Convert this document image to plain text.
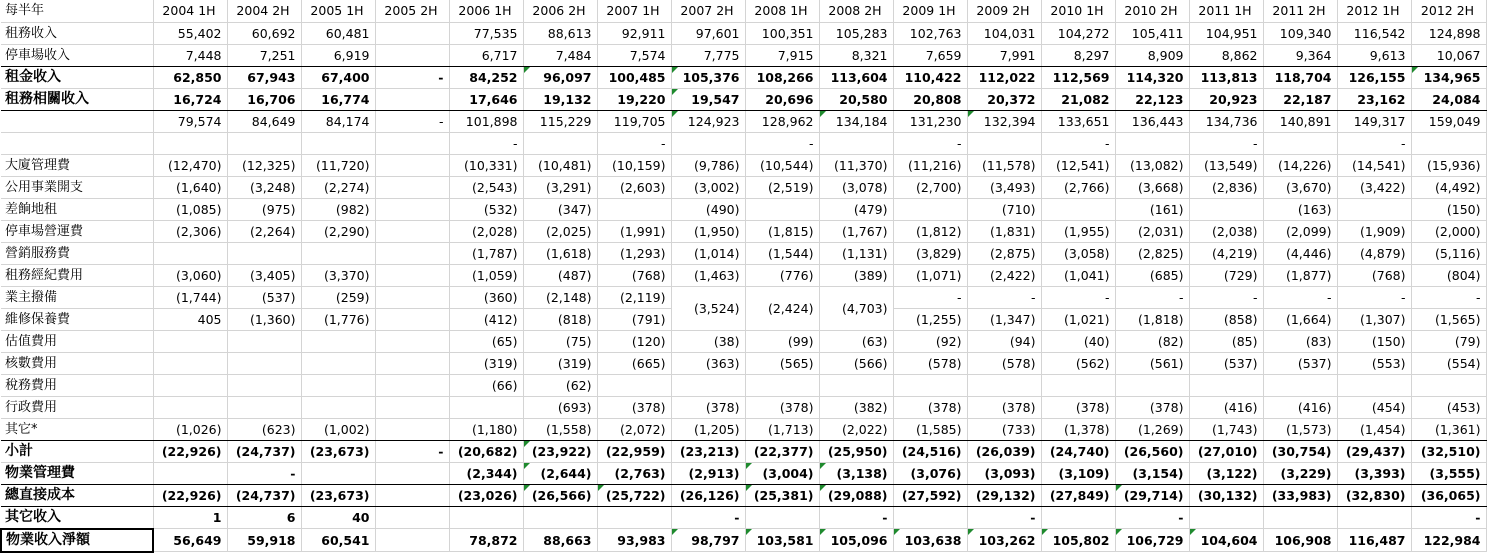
每半年	2004 1H	2004 2H	2005 1H	2005 2H	2006 1H	2006 2H	2007 1H	2007 2H	2008 1H	2008 2H	2009 1H	2009 2H	2010 1H	2010 2H	2011 1H	2011 2H	2012 1H	2012 2H
租務收入	55,402	60,692	60,481		77,535	88,613	92,911	97,601	100,351	105,283	102,763	104,031	104,272	105,411	104,951	109,340	116,542	124,898
停車場收入	7,448	7,251	6,919		6,717	7,484	7,574	7,775	7,915	8,321	7,659	7,991	8,297	8,909	8,862	9,364	9,613	10,067
租金收入	62,850	67,943	67,400	-	84,252	96,097	100,485	105,376	108,266	113,604	110,422	112,022	112,569	114,320	113,813	118,704	126,155	134,965
租務相關收入	16,724	16,706	16,774		17,646	19,132	19,220	19,547	20,696	20,580	20,808	20,372	21,082	22,123	20,923	22,187	23,162	24,084
	79,574	84,649	84,174	-	101,898	115,229	119,705	124,923	128,962	134,184	131,230	132,394	133,651	136,443	134,736	140,891	149,317	159,049
					-		-		-		-		-		-		-	
大廈管理費	(12,470)	(12,325)	(11,720)		(10,331)	(10,481)	(10,159)	(9,786)	(10,544)	(11,370)	(11,216)	(11,578)	(12,541)	(13,082)	(13,549)	(14,226)	(14,541)	(15,936)
公用事業開支	(1,640)	(3,248)	(2,274)		(2,543)	(3,291)	(2,603)	(3,002)	(2,519)	(3,078)	(2,700)	(3,493)	(2,766)	(3,668)	(2,836)	(3,670)	(3,422)	(4,492)
差餉地租	(1,085)	(975)	(982)		(532)	(347)		(490)		(479)		(710)		(161)		(163)		(150)
停車場營運費	(2,306)	(2,264)	(2,290)		(2,028)	(2,025)	(1,991)	(1,950)	(1,815)	(1,767)	(1,812)	(1,831)	(1,955)	(2,031)	(2,038)	(2,099)	(1,909)	(2,000)
營銷服務費					(1,787)	(1,618)	(1,293)	(1,014)	(1,544)	(1,131)	(3,829)	(2,875)	(3,058)	(2,825)	(4,219)	(4,446)	(4,879)	(5,116)
租務經紀費用	(3,060)	(3,405)	(3,370)		(1,059)	(487)	(768)	(1,463)	(776)	(389)	(1,071)	(2,422)	(1,041)	(685)	(729)	(1,877)	(768)	(804)
業主撥備	(1,744)	(537)	(259)		(360)	(2,148)	(2,119)	(3,524)	(2,424)	(4,703)	-	-	-	-	-	-	-	-
維修保養費	405	(1,360)	(1,776)		(412)	(818)	(791)				(1,255)	(1,347)	(1,021)	(1,818)	(858)	(1,664)	(1,307)	(1,565)
估值費用					(65)	(75)	(120)	(38)	(99)	(63)	(92)	(94)	(40)	(82)	(85)	(83)	(150)	(79)
核數費用					(319)	(319)	(665)	(363)	(565)	(566)	(578)	(578)	(562)	(561)	(537)	(537)	(553)	(554)
稅務費用					(66)	(62)												
行政費用						(693)	(378)	(378)	(378)	(382)	(378)	(378)	(378)	(378)	(416)	(416)	(454)	(453)
其它*	(1,026)	(623)	(1,002)		(1,180)	(1,558)	(2,072)	(1,205)	(1,713)	(2,022)	(1,585)	(733)	(1,378)	(1,269)	(1,743)	(1,573)	(1,454)	(1,361)
小計	(22,926)	(24,737)	(23,673)	-	(20,682)	(23,922)	(22,959)	(23,213)	(22,377)	(25,950)	(24,516)	(26,039)	(24,740)	(26,560)	(27,010)	(30,754)	(29,437)	(32,510)
物業管理費		-			(2,344)	(2,644)	(2,763)	(2,913)	(3,004)	(3,138)	(3,076)	(3,093)	(3,109)	(3,154)	(3,122)	(3,229)	(3,393)	(3,555)
總直接成本	(22,926)	(24,737)	(23,673)		(23,026)	(26,566)	(25,722)	(26,126)	(25,381)	(29,088)	(27,592)	(29,132)	(27,849)	(29,714)	(30,132)	(33,983)	(32,830)	(36,065)
其它收入	1	6	40					-		-		-		-				-
物業收入淨額	56,649	59,918	60,541		78,872	88,663	93,983	98,797	103,581	105,096	103,638	103,262	105,802	106,729	104,604	106,908	116,487	122,984
